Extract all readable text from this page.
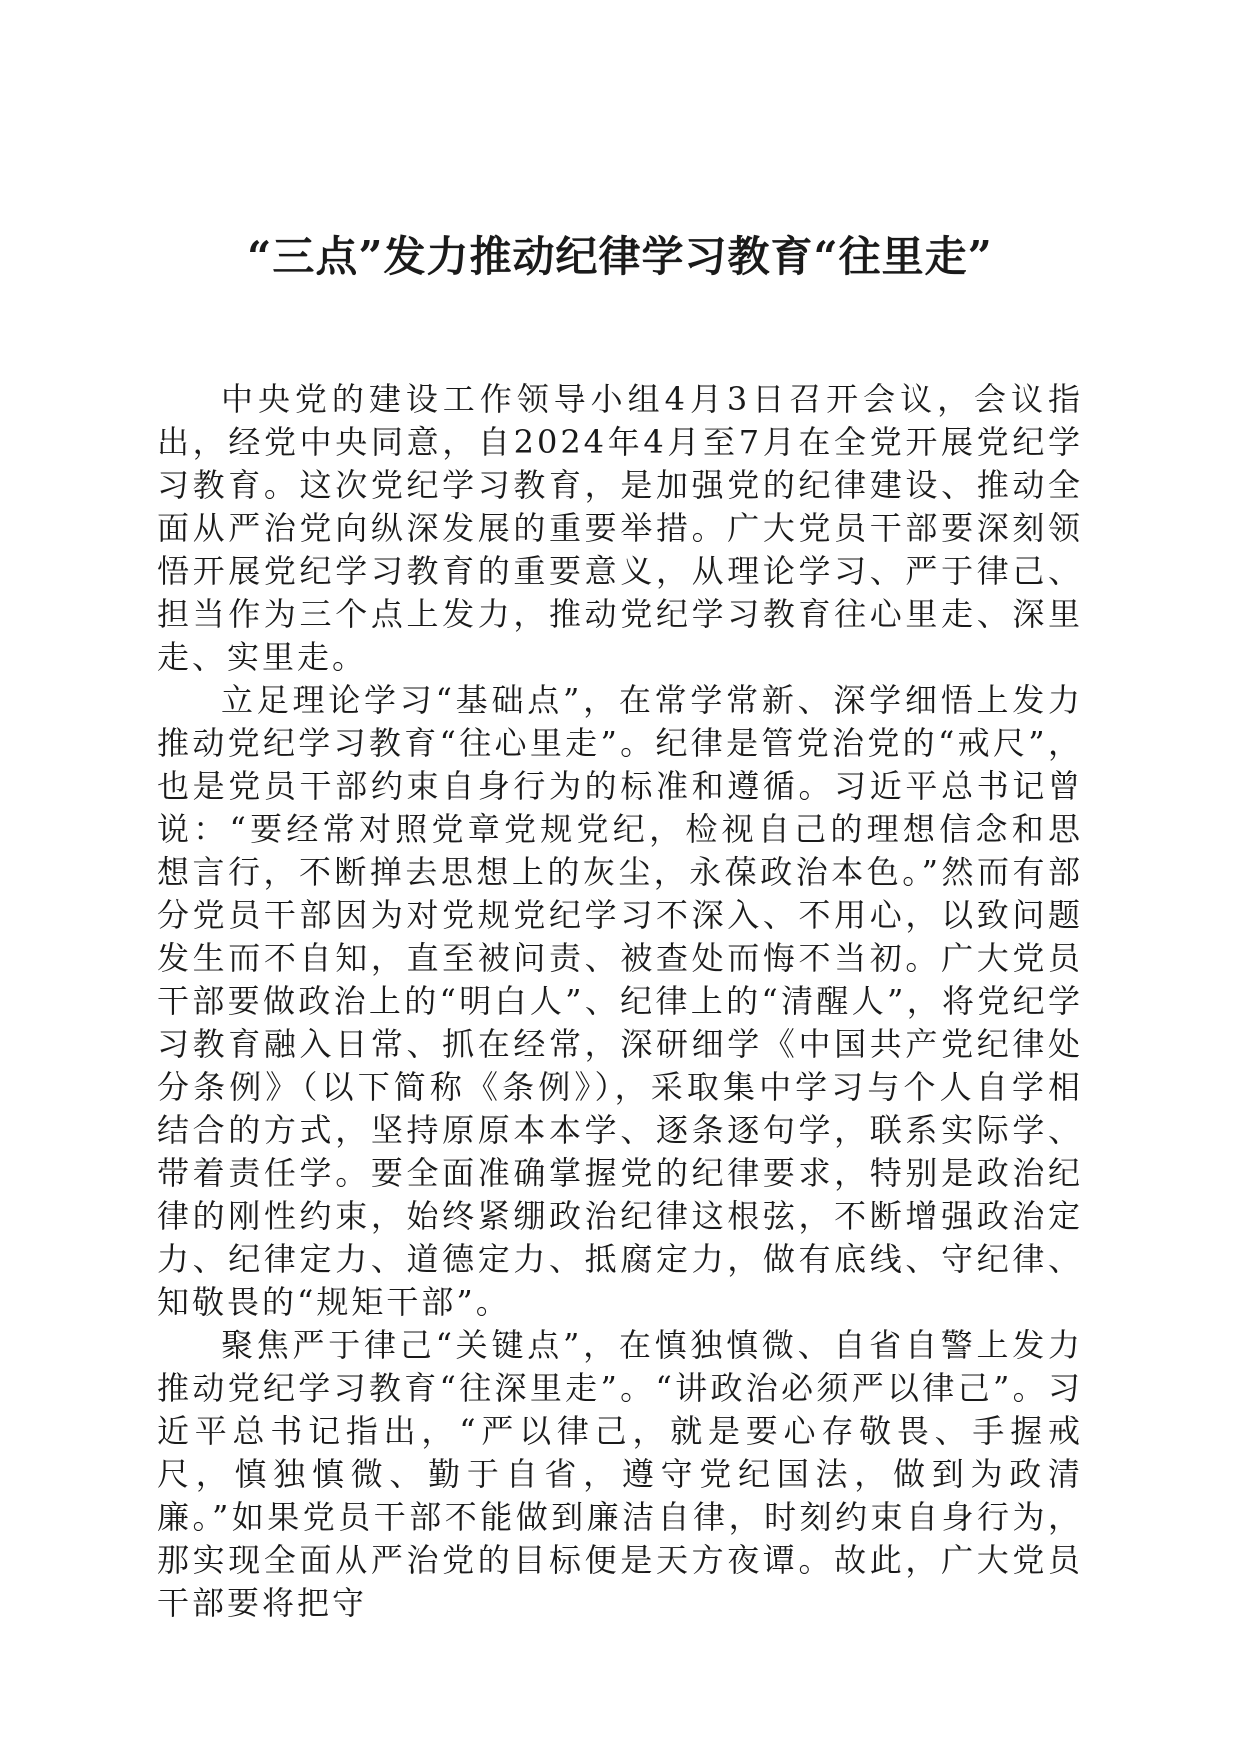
“三点”发力推动纪律学习教育“往里走”

中央党的建设工作领导小组4月3日召开会议，会议指出，经党中央同意，自2024年4月至7月在全党开展党纪学习教育。这次党纪学习教育，是加强党的纪律建设、推动全面从严治党向纵深发展的重要举措。广大党员干部要深刻领悟开展党纪学习教育的重要意义，从理论学习、严于律己、担当作为三个点上发力，推动党纪学习教育往心里走、深里走、实里走。

立足理论学习“基础点”，在常学常新、深学细悟上发力推动党纪学习教育“往心里走”。纪律是管党治党的“戒尺”，也是党员干部约束自身行为的标准和遵循。习近平总书记曾说：“要经常对照党章党规党纪，检视自己的理想信念和思想言行，不断掸去思想上的灰尘，永葆政治本色。”然而有部分党员干部因为对党规党纪学习不深入、不用心，以致问题发生而不自知，直至被问责、被查处而悔不当初。广大党员干部要做政治上的“明白人”、纪律上的“清醒人”，将党纪学习教育融入日常、抓在经常，深研细学《中国共产党纪律处分条例》（以下简称《条例》），采取集中学习与个人自学相结合的方式，坚持原原本本学、逐条逐句学，联系实际学、带着责任学。要全面准确掌握党的纪律要求，特别是政治纪律的刚性约束，始终紧绷政治纪律这根弦，不断增强政治定力、纪律定力、道德定力、抵腐定力，做有底线、守纪律、知敬畏的“规矩干部”。

聚焦严于律己“关键点”，在慎独慎微、自省自警上发力推动党纪学习教育“往深里走”。“讲政治必须严以律己”。习近平总书记指出，“严以律己，就是要心存敬畏、手握戒尺，慎独慎微、勤于自省，遵守党纪国法，做到为政清廉。”如果党员干部不能做到廉洁自律，时刻约束自身行为，那实现全面从严治党的目标便是天方夜谭。故此，广大党员干部要将把守
